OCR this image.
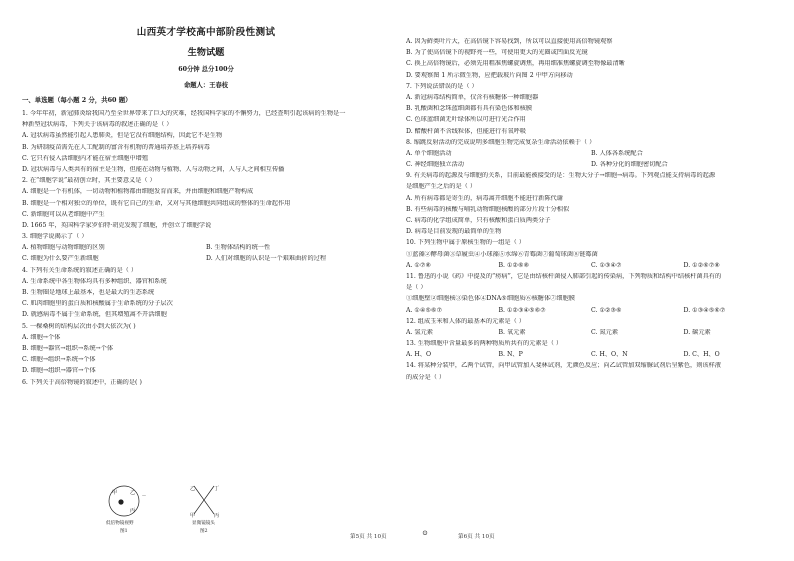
山西英才学校高中部阶段性测试
生物试题
60分钟 总分100分
命题人：王春枝
一、单选题（每小题 2 分，共60 题）
1. 今年年初，新冠肺炎给我国乃至全世界带来了巨大的灾难，经我国科学家的不懈努力，已经查明引起该病的生物是一
种新型冠状病毒，下列关于该病毒的叙述正确的是（ ）
A. 冠状病毒虽然能引起人患肺炎，但是它没有细胞结构，因此它不是生物
B. 为研制疫苗需先在人工配制的富含有机物的普通培养基上培养病毒
C. 它只有侵入活细胞内才能在宿主细胞中增殖
D. 冠状病毒与人类共有的宿主是生物，但能在动物与植物、人与动物之间，人与人之间相互传播
2. 在“细胞学说”最初创立时，其主要意义是（ ）
A. 细胞是一个有机体，一切动物和植物都由细胞发育而来，并由细胞和细胞产物构成
B. 细胞是一个相对独立的单位，既有它自己的生命，又对与其他细胞共同组成的整体的生命起作用
C. 新细胞可以从老细胞中产生
D. 1665 年，英国科学家罗伯特·胡克发现了细胞，并创立了细胞学说
3. 细胞学说揭示了（ ）
A. 植物细胞与动物细胞的区别	B. 生物体结构的统一性
C. 细胞为什么要产生新细胞	D. 人们对细胞的认识是一个艰难曲折的过程
4. 下列有关生命系统的叙述正确的是（ ）
A. 生命系统中各生物体均具有多种组织、器官和系统
B. 生物圈是地球上最基本，也是最大的生态系统
C. 肌肉细胞里的蛋白质和核酸属于生命系统的分子层次
D. 就感病毒不属于生命系统，但其增殖离不开活细胞
5. 一棵桑树的结构层次由小到大依次为( )
A. 细胞→个体
B. 细胞→器官→组织→系统→个体
C. 细胞→组织→系统→个体
D. 细胞→组织→器官→个体
6. 下列关于高倍物镜的叙述中，正确的是( )
甲	乙
丙
—
低倍物镜视野
图1
乙	丁
甲	丙
显微镜镜头
图2
A. 因为藓类叶片大，在高倍镜下容易找到，所以可以直接使用高倍物镜观察
B. 为了使高倍镜下的视野亮一些，可使用更大的光圈或凹面反光镜
C. 换上高倍物镜后，必须先用粗准焦螺旋调焦，再用细准焦螺旋调至物像最清晰
D. 要观察图 1 所示微生物，应把载玻片向图 2 中甲方向移动
7. 下列说法错误的是（ ）
A. 新冠病毒结构简单，仅含有核糖体一种细胞器
B. 乳酸菌和念珠蓝细菌都有具有染色体和核膜
C. 色球蓝细菌无叶绿体所以可进行光合作用
D. 醋酸杆菌不含线粒体，但能进行有氧呼吸
8. 缩跳反射活动的完成说明多细胞生物完成复杂生命活动依赖于（ ）
A. 单个细胞活动	B. 人体各系统配合
C. 神经细胞独立活动	D. 各种分化的细胞密切配合
9. 有关病毒的起源及与细胞的关系，目前最能被接受的是：生物大分子→细胞→病毒。下列观点能支持病毒的起源
是细胞产生之后的是（ ）
A. 所有病毒都是寄生的，病毒离开细胞不能进行新陈代谢
B. 有些病毒的核酸与哺乳动物细胞核酸的部分片段十分相似
C. 病毒的化学组成简单，只有核酸和蛋白质两类分子
D. 病毒是目前发现的最简单的生物
10. 下列生物中属于原核生物的一组是（ ）
①蓝藻②酵母菌③草履虫④小球藻⑤水绵⑥青霉菌⑦葡萄球菌⑧链霉菌
A. ①⑦⑧	B. ①②⑥⑧	C. ①③④⑦	D. ①②⑥⑦⑧
11. 鲁迅的小说《药》中提及的“痨病”，它是由结核杆菌侵入肺部引起的传染病，下列物质和结构中结核杆菌具有的
是（ ）
①细胞壁②细胞核③染色体④DNA⑤细胞质⑥核糖体⑦细胞膜
A. ①④⑤⑥⑦	B. ①②③④⑤⑥⑦	C. ①②③⑥	D. ①③④⑤⑥⑦
12. 组成玉米和人体的最基本的元素是（ ）
A. 氢元素	B. 氧元素	C. 氮元素	D. 碳元素
13. 生物细胞中含量最多的两种物质所共有的元素是（ ）
A. H、O	B. N、P	C. H、O、N	D. C、H、O
14. 将某种分装甲，乙两个试管，向甲试管加入斐林试剂，无颜色反应；向乙试管加双缩脲试剂后呈紫色，则该样液
的成分是（ ）
第5页 共 10页	⊙	第6页 共 10页
